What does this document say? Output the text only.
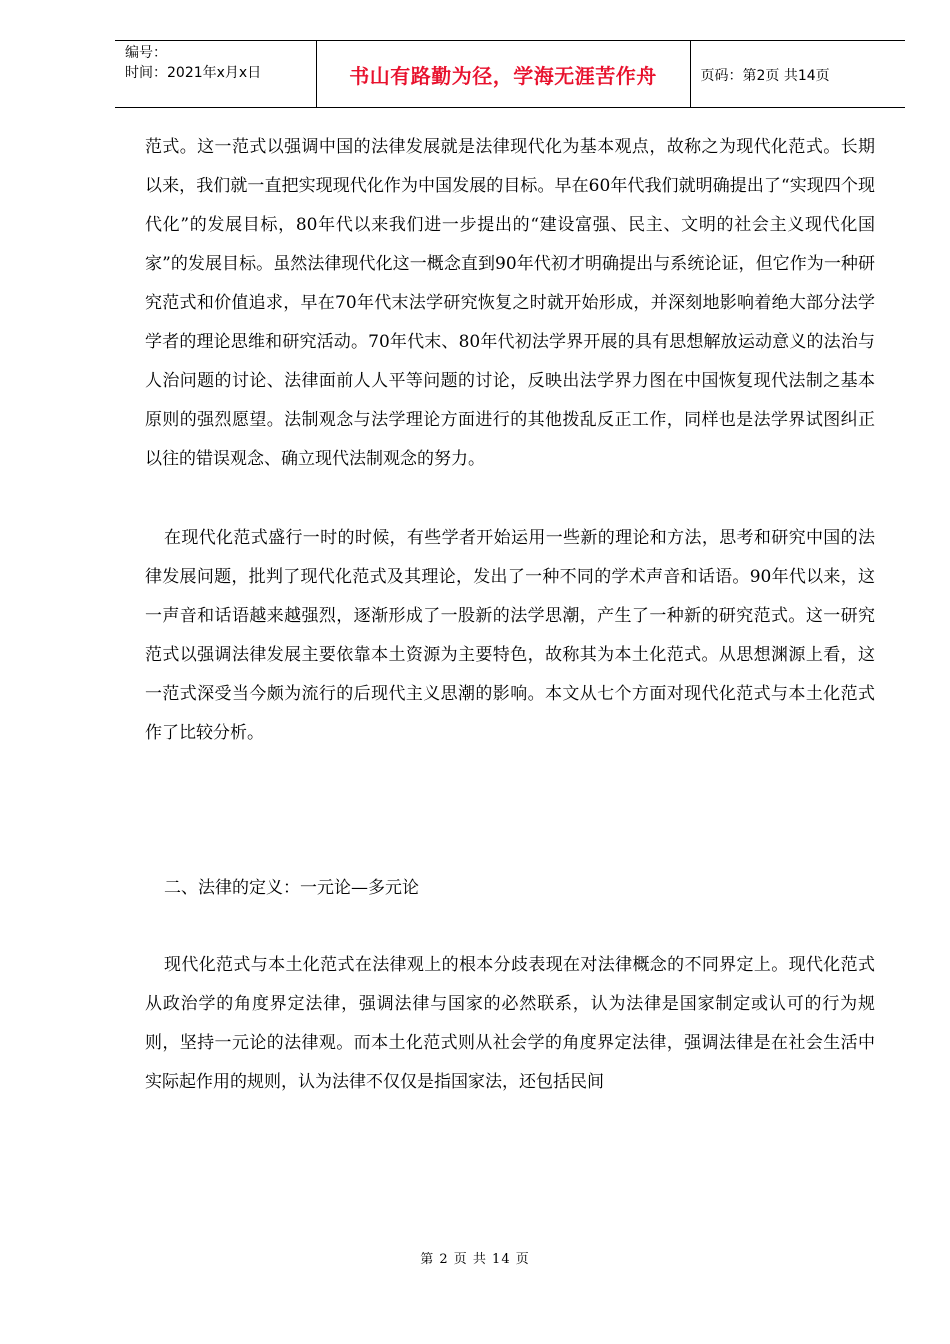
编号：
时间：2021年x月x日	书山有路勤为径，学海无涯苦作舟	页码：第2页 共14页

范式。这一范式以强调中国的法律发展就是法律现代化为基本观点，故称之为现代化范式。长期以来，我们就一直把实现现代化作为中国发展的目标。早在60年代我们就明确提出了“实现四个现代化”的发展目标，80年代以来我们进一步提出的“建设富强、民主、文明的社会主义现代化国家”的发展目标。虽然法律现代化这一概念直到90年代初才明确提出与系统论证，但它作为一种研究范式和价值追求，早在70年代末法学研究恢复之时就开始形成，并深刻地影响着绝大部分法学学者的理论思维和研究活动。70年代末、80年代初法学界开展的具有思想解放运动意义的法治与人治问题的讨论、法律面前人人平等问题的讨论，反映出法学界力图在中国恢复现代法制之基本原则的强烈愿望。法制观念与法学理论方面进行的其他拨乱反正工作，同样也是法学界试图纠正以往的错误观念、确立现代法制观念的努力。

在现代化范式盛行一时的时候，有些学者开始运用一些新的理论和方法，思考和研究中国的法律发展问题，批判了现代化范式及其理论，发出了一种不同的学术声音和话语。90年代以来，这一声音和话语越来越强烈，逐渐形成了一股新的法学思潮，产生了一种新的研究范式。这一研究范式以强调法律发展主要依靠本土资源为主要特色，故称其为本土化范式。从思想渊源上看，这一范式深受当今颇为流行的后现代主义思潮的影响。本文从七个方面对现代化范式与本土化范式作了比较分析。

二、法律的定义：一元论—多元论

现代化范式与本土化范式在法律观上的根本分歧表现在对法律概念的不同界定上。现代化范式从政治学的角度界定法律，强调法律与国家的必然联系，认为法律是国家制定或认可的行为规则，坚持一元论的法律观。而本土化范式则从社会学的角度界定法律，强调法律是在社会生活中实际起作用的规则，认为法律不仅仅是指国家法，还包括民间

第 2 页 共 14 页
